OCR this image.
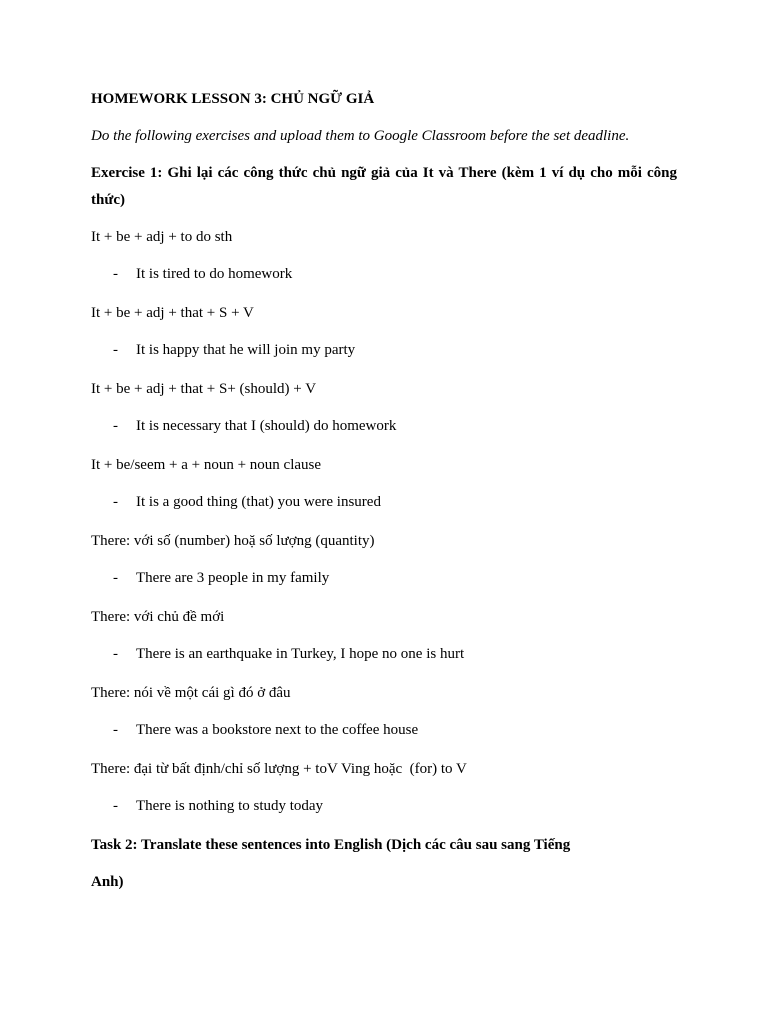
HOMEWORK LESSON 3: CHỦ NGỮ GIẢ

Do the following exercises and upload them to Google Classroom before the set deadline.

Exercise 1: Ghi lại các công thức chủ ngữ giả của It và There (kèm 1 ví dụ cho mỗi công thức)

It + be + adj + to do sth

- It is tired to do homework

It + be + adj + that + S + V

- It is happy that he will join my party

It + be + adj + that + S+ (should) + V

- It is necessary that I (should) do homework

It + be/seem + a + noun + noun clause

- It is a good thing (that) you were insured

There: với số (number) hoặ số lượng (quantity)

- There are 3 people in my family

There: với chủ đề mới

- There is an earthquake in Turkey, I hope no one is hurt

There: nói về một cái gì đó ở đâu

- There was a bookstore next to the coffee house

There: đại từ bất định/chỉ số lượng + toV Ving hoặc  (for) to V

- There is nothing to study today

Task 2: Translate these sentences into English (Dịch các câu sau sang Tiếng

Anh)
